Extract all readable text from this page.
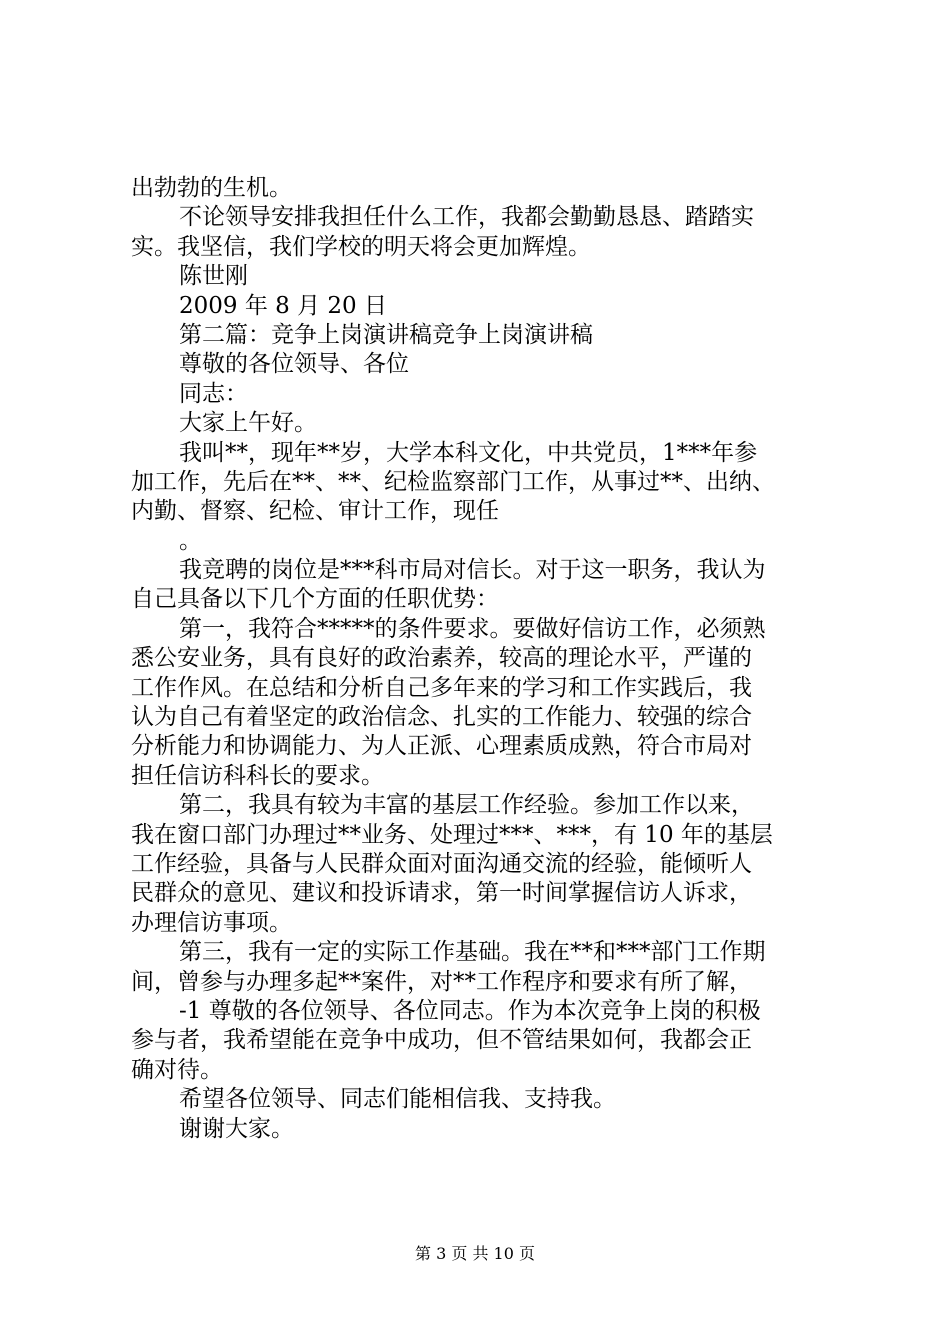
出勃勃的生机。
不论领导安排我担任什么工作，我都会勤勤恳恳、踏踏实
实。我坚信，我们学校的明天将会更加辉煌。
陈世刚
2009 年 8 月 20 日
第二篇：竞争上岗演讲稿竞争上岗演讲稿
尊敬的各位领导、各位
同志：
大家上午好。
我叫**，现年**岁，大学本科文化，中共党员，1***年参
加工作，先后在**、**、纪检监察部门工作，从事过**、出纳、
内勤、督察、纪检、审计工作，现任
。
我竞聘的岗位是***科市局对信长。对于这一职务，我认为
自己具备以下几个方面的任职优势：
第一，我符合*****的条件要求。要做好信访工作，必须熟
悉公安业务，具有良好的政治素养，较高的理论水平，严谨的
工作作风。在总结和分析自己多年来的学习和工作实践后，我
认为自己有着坚定的政治信念、扎实的工作能力、较强的综合
分析能力和协调能力、为人正派、心理素质成熟，符合市局对
担任信访科科长的要求。
第二，我具有较为丰富的基层工作经验。参加工作以来，
我在窗口部门办理过**业务、处理过***、***，有 10 年的基层
工作经验，具备与人民群众面对面沟通交流的经验，能倾听人
民群众的意见、建议和投诉请求，第一时间掌握信访人诉求，
办理信访事项。
第三，我有一定的实际工作基础。我在**和***部门工作期
间，曾参与办理多起**案件，对**工作程序和要求有所了解，
-1 尊敬的各位领导、各位同志。作为本次竞争上岗的积极
参与者，我希望能在竞争中成功，但不管结果如何，我都会正
确对待。
希望各位领导、同志们能相信我、支持我。
谢谢大家。
第 3 页 共 10 页
